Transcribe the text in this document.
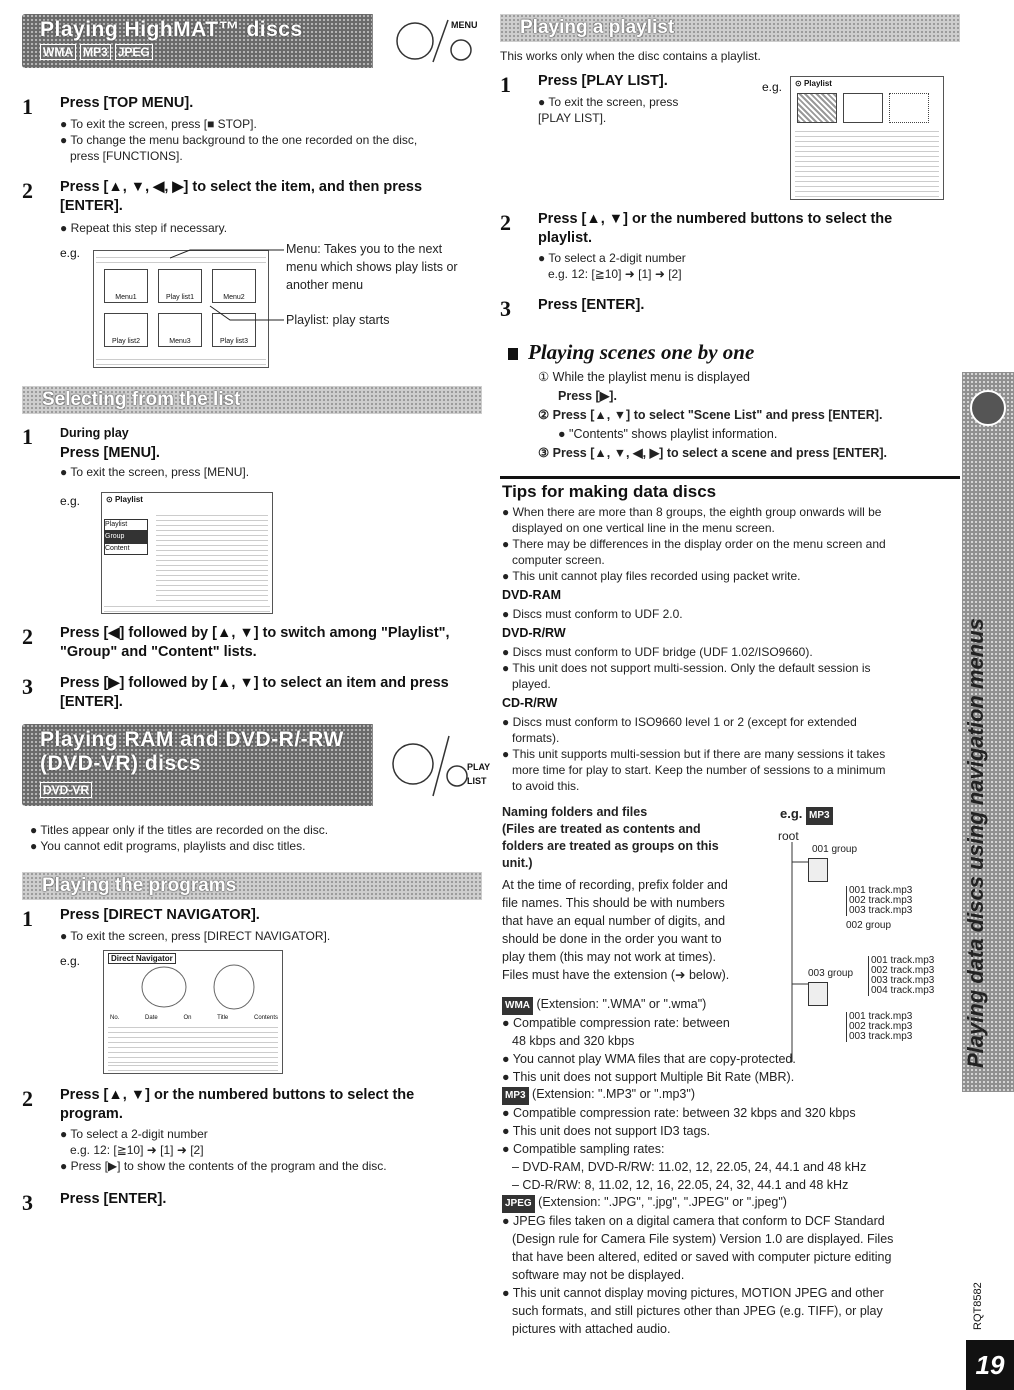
Playing HighMAT™ discs
WMA MP3 JPEG
MENU
1 Press [TOP MENU].

● To exit the screen, press [■ STOP].

● To change the menu background to the one recorded on the disc,

press [FUNCTIONS].

2 Press [▲, ▼, ◀, ▶] to select the item, and then press [ENTER].
● Repeat this step if necessary.
e.g.
Menu1	Play list1	Menu2
Play list2	Menu3	Play list3
Menu: Takes you to the next menu which shows play lists or another menu
Playlist: play starts
Selecting from the list
1 During play
Press [MENU].
● To exit the screen, press [MENU].
e.g.	⊙ Playlist
Playlist
Group
Content
2 Press [◀] followed by [▲, ▼] to switch among "Playlist", "Group" and "Content" lists.
3 Press [▶] followed by [▲, ▼] to select an item and press [ENTER].
Playing RAM and DVD-R/-RW
(DVD-VR) discs
DVD-VR
PLAY
LIST

● Titles appear only if the titles are recorded on the disc.

● You cannot edit programs, playlists and disc titles.

Playing the programs
1 Press [DIRECT NAVIGATOR].
● To exit the screen, press [DIRECT NAVIGATOR].
e.g.	Direct Navigator
No.	Date	On	Title	Contents
2 Press [▲, ▼] or the numbered buttons to select the program.

● To select a 2-digit number

e.g. 12: [≧10] ➜ [1] ➜ [2]

● Press [▶] to show the contents of the program and the disc.

3 Press [ENTER].
Playing a playlist
This works only when the disc contains a playlist.
1 Press [PLAY LIST].

● To exit the screen, press

[PLAY LIST].

e.g. ⊙ Playlist
2 Press [▲, ▼] or the numbered buttons to select the playlist.

● To select a 2-digit number

e.g. 12: [≧10] ➜ [1] ➜ [2]

3 Press [ENTER].
Playing scenes one by one

① While the playlist menu is displayed

Press [▶].

② Press [▲, ▼] to select "Scene List" and press [ENTER].

● "Contents" shows playlist information.

③ Press [▲, ▼, ◀, ▶] to select a scene and press [ENTER].

Tips for making data discs

● When there are more than 8 groups, the eighth group onwards will be

displayed on one vertical line in the menu screen.

● There may be differences in the display order on the menu screen and

computer screen.

● This unit cannot play files recorded using packet write.

DVD-RAM
● Discs must conform to UDF 2.0.
DVD-R/RW

● Discs must conform to UDF bridge (UDF 1.02/ISO9660).

● This unit does not support multi-session. Only the default session is

played.

CD-R/RW

● Discs must conform to ISO9660 level 1 or 2 (except for extended

formats).

● This unit supports multi-session but if there are many sessions it takes

more time for play to start. Keep the number of sessions to a minimum

to avoid this.

Naming folders and files

(Files are treated as contents and

folders are treated as groups on this

unit.)

At the time of recording, prefix folder and

file names. This should be with numbers

that have an equal number of digits, and

should be done in the order you want to

play them (this may not work at times).

Files must have the extension (➜ below).

e.g. MP3
root
001 group

001 track.mp3

002 track.mp3

003 track.mp3

002 group

001 track.mp3

002 track.mp3

003 track.mp3

004 track.mp3

003 group

001 track.mp3

002 track.mp3

003 track.mp3

WMA (Extension: ".WMA" or ".wma")

● Compatible compression rate: between

48 kbps and 320 kbps

● You cannot play WMA files that are copy-protected.

● This unit does not support Multiple Bit Rate (MBR).

MP3 (Extension: ".MP3" or ".mp3")

● Compatible compression rate: between 32 kbps and 320 kbps

● This unit does not support ID3 tags.

● Compatible sampling rates:

– DVD-RAM, DVD-R/RW: 11.02, 12, 22.05, 24, 44.1 and 48 kHz

– CD-R/RW: 8, 11.02, 12, 16, 22.05, 24, 32, 44.1 and 48 kHz

JPEG (Extension: ".JPG", ".jpg", ".JPEG" or ".jpeg")

● JPEG files taken on a digital camera that conform to DCF Standard

(Design rule for Camera File system) Version 1.0 are displayed. Files

that have been altered, edited or saved with computer picture editing

software may not be displayed.

● This unit cannot display moving pictures, MOTION JPEG and other

such formats, and still pictures other than JPEG (e.g. TIFF), or play

pictures with attached audio.

Playing data discs using navigation menus
RQT8582
19
